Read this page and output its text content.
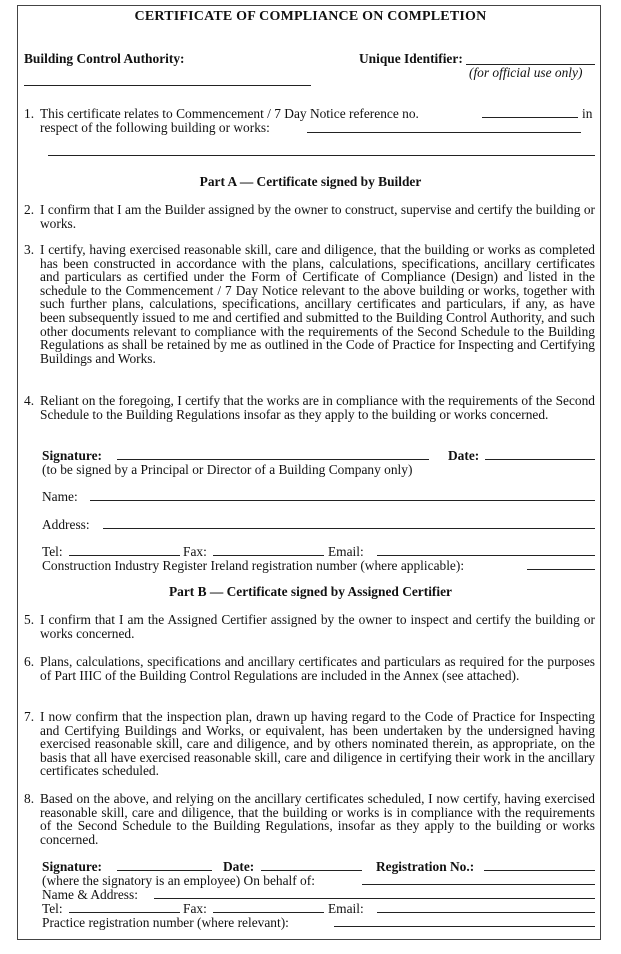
CERTIFICATE OF COMPLIANCE ON COMPLETION
Building Control Authority:	Unique Identifier:
(for official use only)
1. This certificate relates to Commencement / 7 Day Notice reference no.	in
respect of the following building or works:
Part A — Certificate signed by Builder
2. I confirm that I am the Builder assigned by the owner to construct, supervise and certify the building or works.
3. I certify, having exercised reasonable skill, care and diligence, that the building or works as completed has been constructed in accordance with the plans, calculations, specifications, ancillary certificates and particulars as certified under the Form of Certificate of Compliance (Design) and listed in the schedule to the Commencement / 7 Day Notice relevant to the above building or works, together with such further plans, calculations, specifications, ancillary certificates and particulars, if any, as have been subsequently issued to me and certified and submitted to the Building Control Authority, and such other documents relevant to compliance with the requirements of the Second Schedule to the Building Regulations as shall be retained by me as outlined in the Code of Practice for Inspecting and Certifying Buildings and Works.
4. Reliant on the foregoing, I certify that the works are in compliance with the requirements of the Second Schedule to the Building Regulations insofar as they apply to the building or works concerned.
Signature:	Date:
(to be signed by a Principal or Director of a Building Company only)
Name:
Address:
Tel:	Fax:	Email:
Construction Industry Register Ireland registration number (where applicable):
Part B — Certificate signed by Assigned Certifier
5. I confirm that I am the Assigned Certifier assigned by the owner to inspect and certify the building or works concerned.
6. Plans, calculations, specifications and ancillary certificates and particulars as required for the purposes of Part IIIC of the Building Control Regulations are included in the Annex (see attached).
7. I now confirm that the inspection plan, drawn up having regard to the Code of Practice for Inspecting and Certifying Buildings and Works, or equivalent, has been undertaken by the undersigned having exercised reasonable skill, care and diligence, and by others nominated therein, as appropriate, on the basis that all have exercised reasonable skill, care and diligence in certifying their work in the ancillary certificates scheduled.
8. Based on the above, and relying on the ancillary certificates scheduled, I now certify, having exercised reasonable skill, care and diligence, that the building or works is in compliance with the requirements of the Second Schedule to the Building Regulations, insofar as they apply to the building or works concerned.
Signature:	Date:	Registration No.:
(where the signatory is an employee) On behalf of:
Name & Address:
Tel:	Fax:	Email:
Practice registration number (where relevant):
